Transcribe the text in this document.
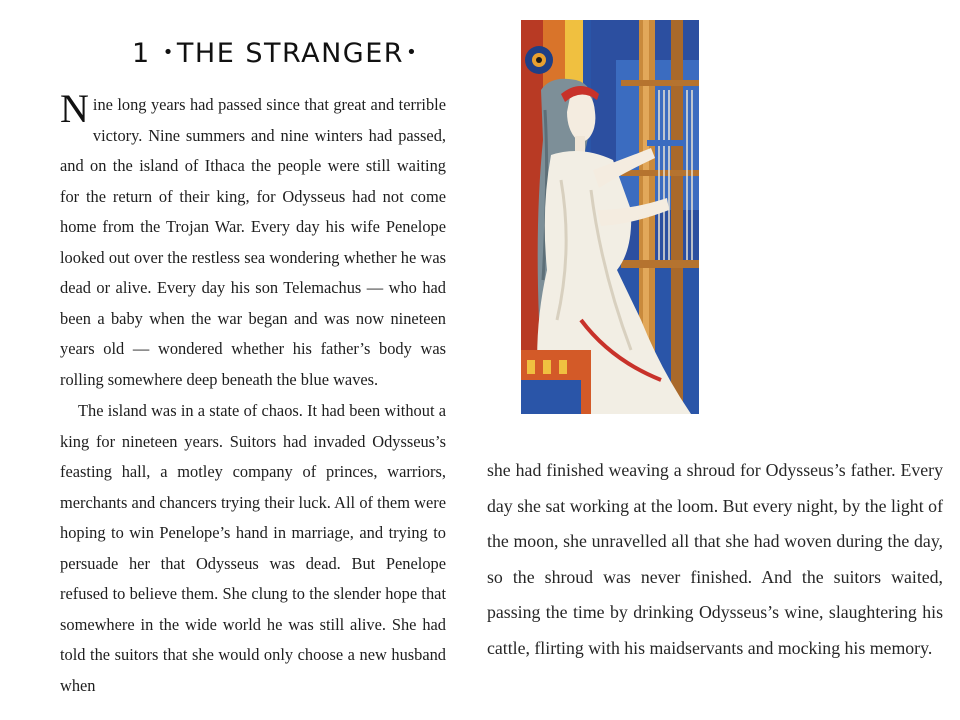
1 •THE STRANGER •

Nine long years had passed since that great and terrible victory. Nine summers and nine winters had passed, and on the island of Ithaca the people were still waiting for the return of their king, for Odysseus had not come home from the Trojan War. Every day his wife Penelope looked out over the restless sea wondering whether he was dead or alive. Every day his son Telemachus — who had been a baby when the war began and was now nineteen years old — wondered whether his father’s body was rolling somewhere deep beneath the blue waves.

The island was in a state of chaos. It had been without a king for nineteen years. Suitors had invaded Odysseus’s feasting hall, a motley company of princes, warriors, merchants and chancers trying their luck. All of them were hoping to win Penelope’s hand in marriage, and trying to persuade her that Odysseus was dead. But Penelope refused to believe them. She clung to the slender hope that somewhere in the wide world he was still alive. She had told the suitors that she would only choose a new husband when

she had finished weaving a shroud for Odysseus’s father. Every day she sat working at the loom. But every night, by the light of the moon, she unravelled all that she had woven during the day, so the shroud was never finished. And the suitors waited, passing the time by drinking Odysseus’s wine, slaughtering his cattle, flirting with his maidservants and mocking his memory.
